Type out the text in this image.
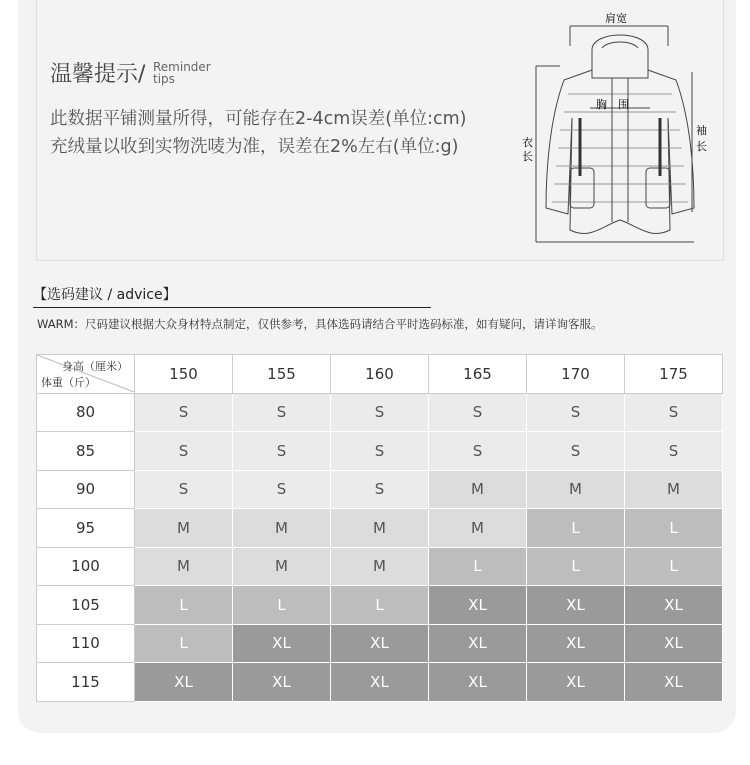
温馨提示/ Reminder
tips
此数据平铺测量所得，可能存在2-4cm误差(单位:cm)
充绒量以收到实物洗唛为准，误差在2%左右(单位:g)
肩宽
胸　围
衣
长
袖
长
【选码建议 / advice】
WARM：尺码建议根据大众身材特点制定，仅供参考，具体选码请结合平时选码标准，如有疑问，请详询客服。
身高（厘米）
体重（斤）	150	155	160	165	170	175
80	S	S	S	S	S	S
85	S	S	S	S	S	S
90	S	S	S	M	M	M
95	M	M	M	M	L	L
100	M	M	M	L	L	L
105	L	L	L	XL	XL	XL
110	L	XL	XL	XL	XL	XL
115	XL	XL	XL	XL	XL	XL
